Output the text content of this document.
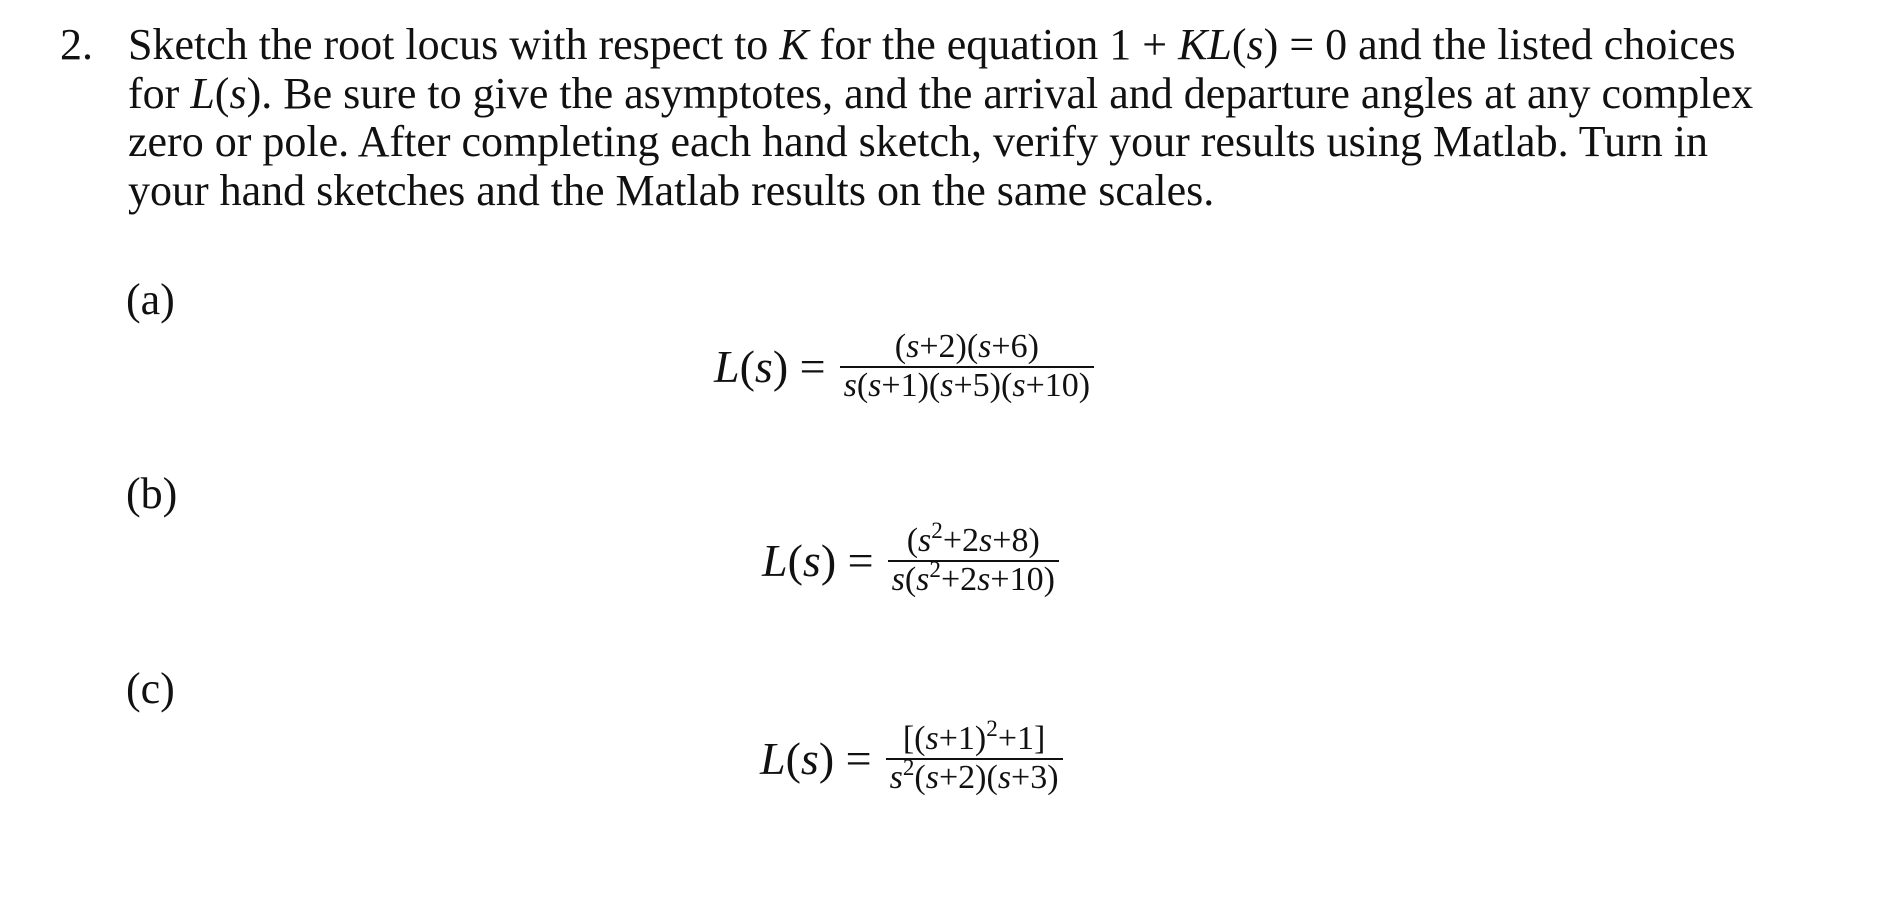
2. Sketch the root locus with respect to K for the equation 1 + KL(s) = 0 and the listed choices
for L(s). Be sure to give the asymptotes, and the arrival and departure angles at any complex
zero or pole. After completing each hand sketch, verify your results using Matlab. Turn in
your hand sketches and the Matlab results on the same scales.
(a)
$L(s) = \frac{(s+2)(s+6)}{s(s+1)(s+5)(s+10)}$
(b)
$L(s) = \frac{(s^2+2s+8)}{s(s^2+2s+10)}$
(c)
$L(s) = \frac{[(s+1)^2+1]}{s^2(s+2)(s+3)}$
